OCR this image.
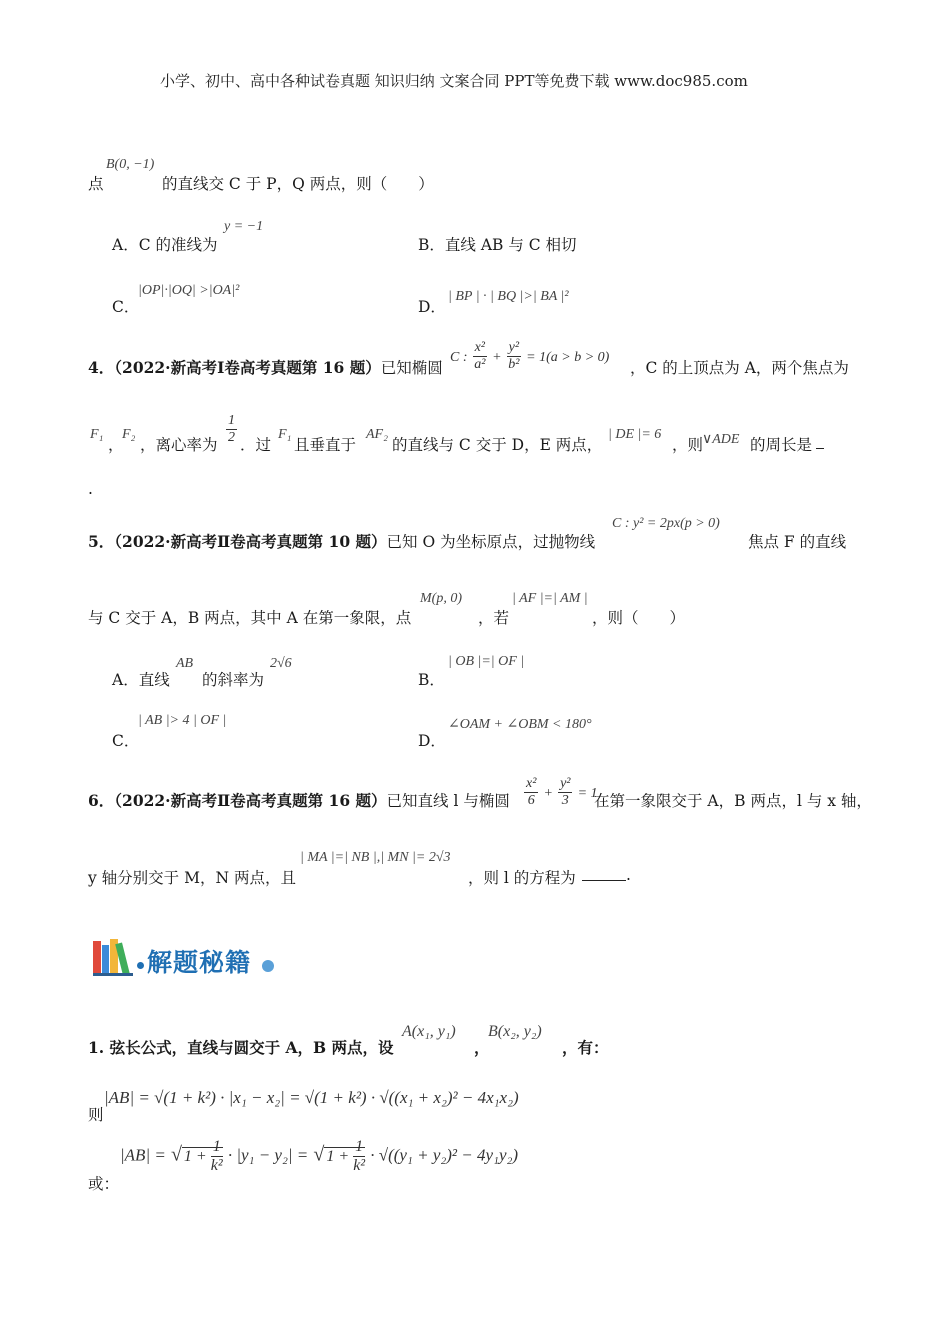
小学、初中、高中各种试卷真题 知识归纳 文案合同 PPT等免费下载 www.doc985.com
B(0, −1)
点	的直线交 C 于 P，Q 两点，则（　　）
A．C 的准线为
y = −1
B．直线 AB 与 C 相切
C．
|OP|·|OQ| >|OA|²
D．
| BP | · | BQ |>| BA |²
4．（2022·新高考Ⅰ卷高考真题第 16 题）已知椭圆
C : $\frac{\text{x²}}{\text{a²}} + \frac{\text{y²}}{\text{b²}} = 1(a > b > 0)$
，C 的上顶点为 A，两个焦点为
F₁
，
F₂
，离心率为 $\frac{1}{2}$ ．过
F₁
且垂直于
AF₂
的直线与 C 交于 D，E 两点，
| DE |= 6
，则
∨ADE 的周长是
.
5．（2022·新高考Ⅱ卷高考真题第 10 题）已知 O 为坐标原点，过抛物线
C : y² = 2px(p > 0)
焦点 F 的直线
与 C 交于 A，B 两点，其中 A 在第一象限，点
M(p, 0)
，若
| AF |=| AM |
，则（　　）
A．直线
AB
的斜率为
2√6
B．
| OB |=| OF |
C．
| AB |> 4 | OF |
D．
∠OAM + ∠OBM < 180°
6．（2022·新高考Ⅱ卷高考真题第 16 题）已知直线 l 与椭圆 $\frac{\text{x²}}{6} + \frac{\text{y²}}{3} = 1$
在第一象限交于 A，B 两点，l 与 x 轴，
y 轴分别交于 M，N 两点，且
| MA |=| NB |,| MN |= 2√3
，则 l 的方程为	.
解题秘籍
1. 弦长公式，直线与圆交于 A，B 两点，设
A(x₁, y₁)
，
B(x₂, y₂)
，有：
则
|AB| = √(1 + k²) · |x₁ − x₂| = √(1 + k²) · √((x₁ + x₂)² − 4x₁x₂)
|AB| = √ $1 + \frac{1}{\text{k²}} \cdot |y_1 - y_2|$ = √ $1 + \frac{1}{\text{k²}} \cdot √((y_1 + y_2)^2 - 4y_1y_2)$
或：
